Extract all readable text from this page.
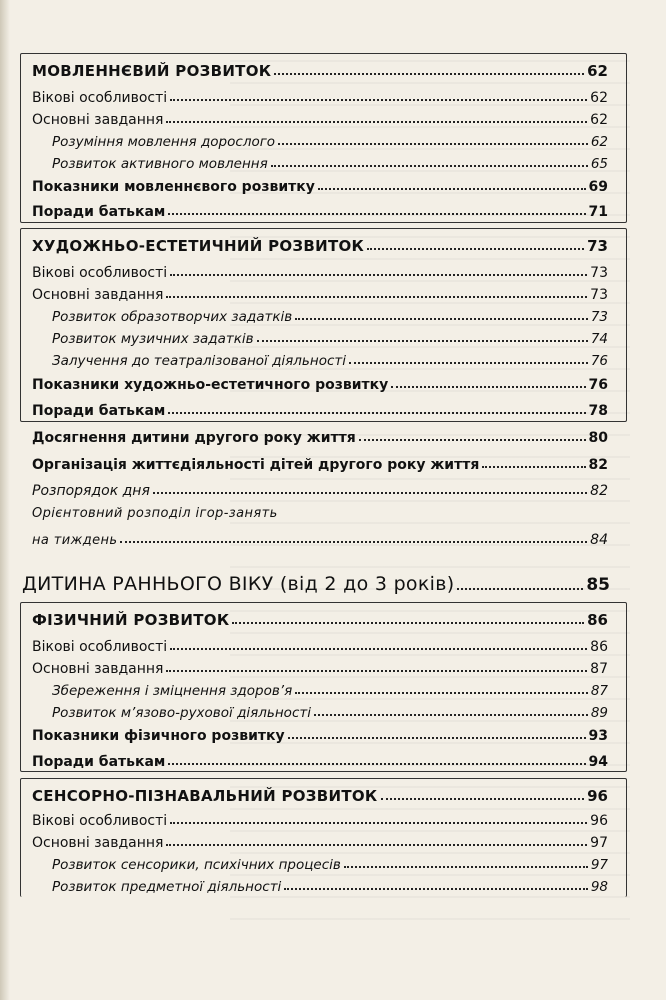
МОВЛЕННЄВИЙ РОЗВИТОК	62
Вікові особливості	62
Основні завдання	62
Розуміння мовлення дорослого	62
Розвиток активного мовлення	65
Показники мовленнєвого розвитку	69
Поради батькам	71
ХУДОЖНЬО-ЕСТЕТИЧНИЙ РОЗВИТОК	73
Вікові особливості	73
Основні завдання	73
Розвиток образотворчих задатків	73
Розвиток музичних задатків	74
Залучення до театралізованої діяльності	76
Показники художньо-естетичного розвитку	76
Поради батькам	78
Досягнення дитини другого року життя	80
Організація життєдіяльності дітей другого року життя	82
Розпорядок дня	82
Орієнтовний розподіл ігор-занять
на тиждень	84
ДИТИНА РАННЬОГО ВІКУ (від 2 до 3 років)	85
ФІЗИЧНИЙ РОЗВИТОК	86
Вікові особливості	86
Основні завдання	87
Збереження і зміцнення здоров’я	87
Розвиток м’язово-рухової діяльності	89
Показники фізичного розвитку	93
Поради батькам	94
СЕНСОРНО-ПІЗНАВАЛЬНИЙ РОЗВИТОК	96
Вікові особливості	96
Основні завдання	97
Розвиток сенсорики, психічних процесів	97
Розвиток предметної діяльності	98
